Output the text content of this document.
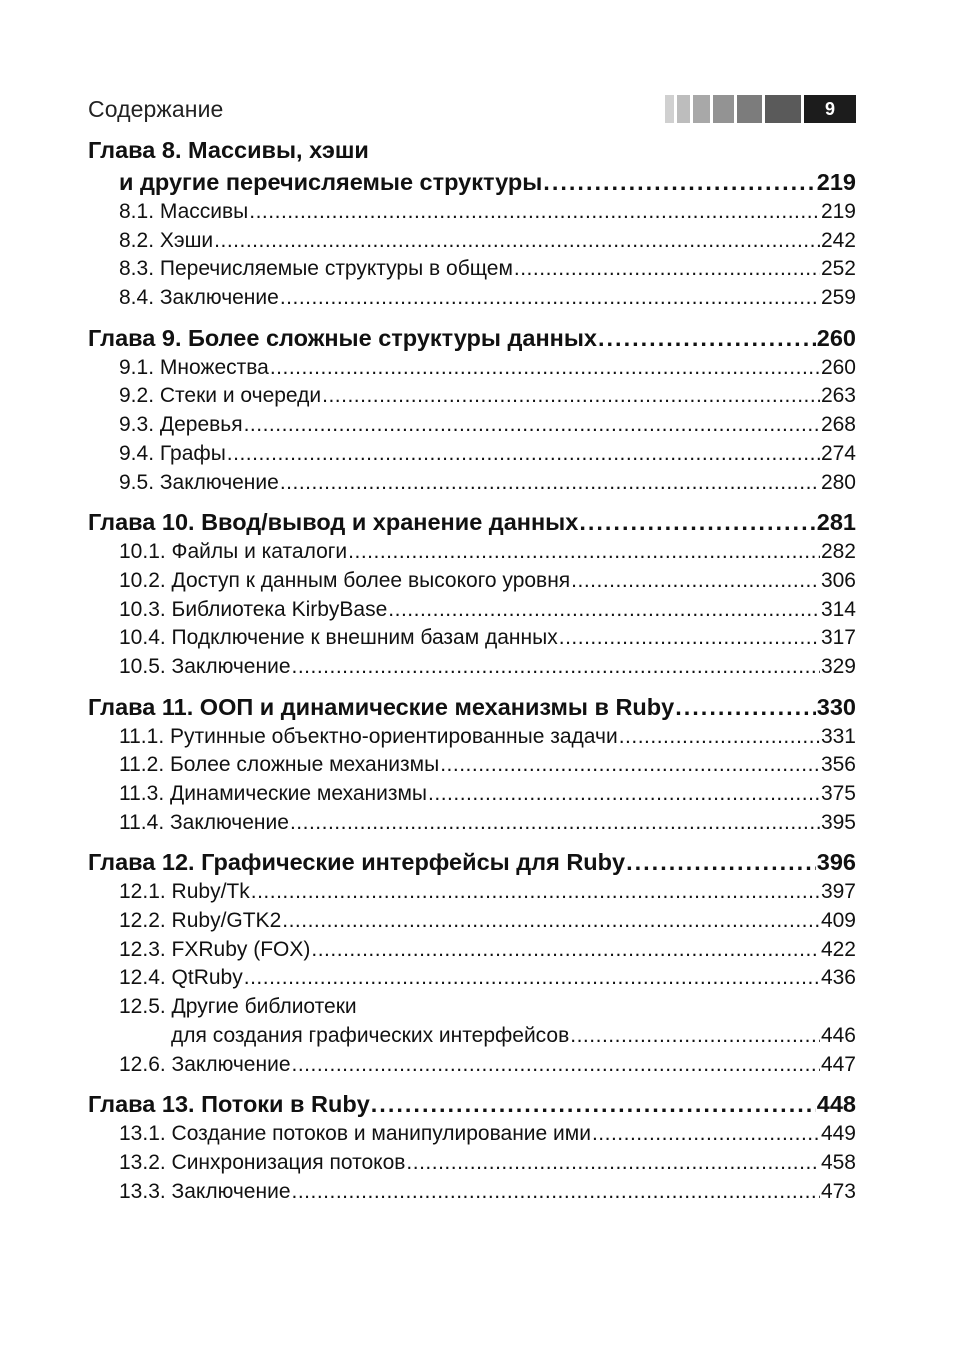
Содержание	9
Глава 8. Массивы, хэши
и другие перечисляемые структуры .....	219
8.1. Массивы .....	219
8.2. Хэши .....	242
8.3. Перечисляемые структуры в общем .....	252
8.4. Заключение .....	259
Глава 9. Более сложные структуры данных .....	260
9.1. Множества .....	260
9.2. Стеки и очереди .....	263
9.3. Деревья .....	268
9.4. Графы .....	274
9.5. Заключение .....	280
Глава 10. Ввод/вывод и хранение данных .....	281
10.1. Файлы и каталоги .....	282
10.2. Доступ к данным более высокого уровня .....	306
10.3. Библиотека KirbyBase .....	314
10.4. Подключение к внешним базам данных .....	317
10.5. Заключение .....	329
Глава 11. ООП и динамические механизмы в Ruby .....	330
11.1. Рутинные объектно-ориентированные задачи .....	331
11.2. Более сложные механизмы .....	356
11.3. Динамические механизмы .....	375
11.4. Заключение .....	395
Глава 12. Графические интерфейсы для Ruby .....	396
12.1. Ruby/Tk .....	397
12.2. Ruby/GTK2 .....	409
12.3. FXRuby (FOX) .....	422
12.4. QtRuby .....	436
12.5. Другие библиотеки
для создания графических интерфейсов .....	446
12.6. Заключение .....	447
Глава 13. Потоки в Ruby .....	448
13.1. Создание потоков и манипулирование ими .....	449
13.2. Синхронизация потоков .....	458
13.3. Заключение .....	473
